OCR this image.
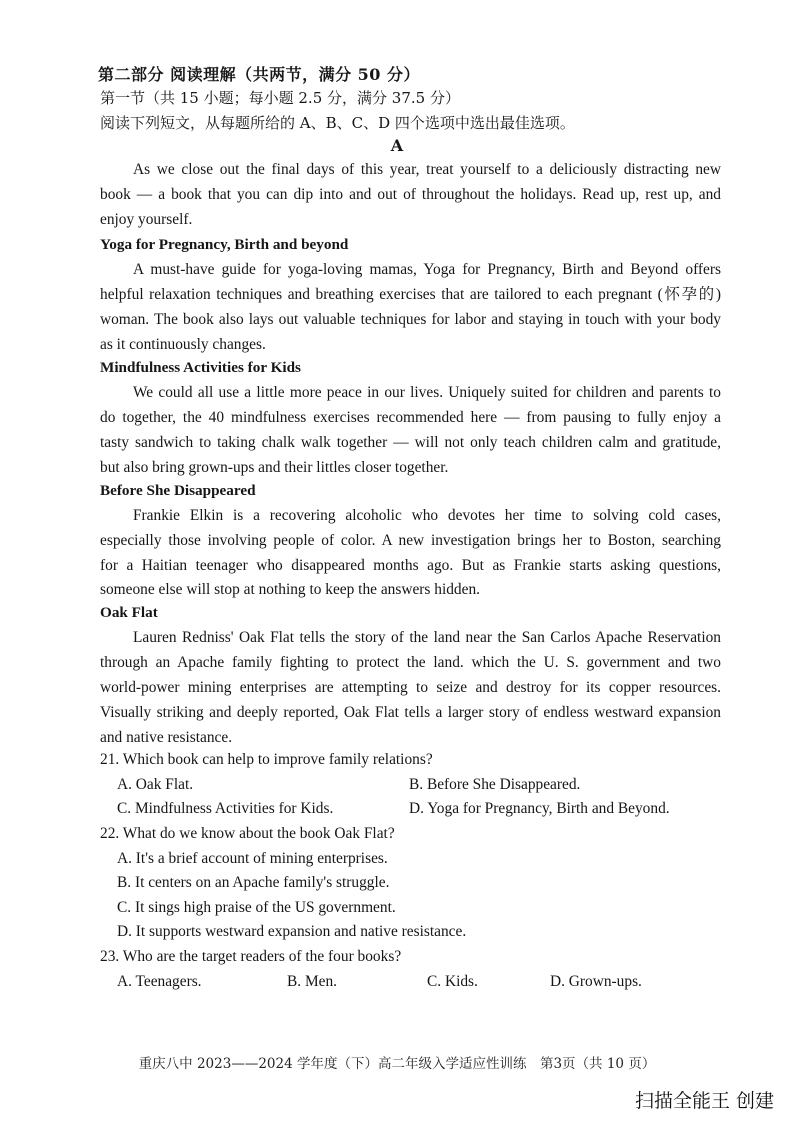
第二部分 阅读理解（共两节，满分 50 分）
第一节（共 15 小题；每小题 2.5 分，满分 37.5 分）
阅读下列短文，从每题所给的 A、B、C、D 四个选项中选出最佳选项。
A
As we close out the final days of this year, treat yourself to a deliciously distracting new
book — a book that you can dip into and out of throughout the holidays. Read up, rest up, and
enjoy yourself.
Yoga for Pregnancy, Birth and beyond
A must-have guide for yoga-loving mamas, Yoga for Pregnancy, Birth and Beyond offers
helpful relaxation techniques and breathing exercises that are tailored to each pregnant (怀孕的)
woman. The book also lays out valuable techniques for labor and staying in touch with your body
as it continuously changes.
Mindfulness Activities for Kids
We could all use a little more peace in our lives. Uniquely suited for children and parents to
do together, the 40 mindfulness exercises recommended here — from pausing to fully enjoy a
tasty sandwich to taking chalk walk together — will not only teach children calm and gratitude,
but also bring grown-ups and their littles closer together.
Before She Disappeared
Frankie Elkin is a recovering alcoholic who devotes her time to solving cold cases,
especially those involving people of color. A new investigation brings her to Boston, searching
for a Haitian teenager who disappeared months ago. But as Frankie starts asking questions,
someone else will stop at nothing to keep the answers hidden.
Oak Flat
Lauren Redniss' Oak Flat tells the story of the land near the San Carlos Apache Reservation
through an Apache family fighting to protect the land. which the U. S. government and two
world-power mining enterprises are attempting to seize and destroy for its copper resources.
Visually striking and deeply reported, Oak Flat tells a larger story of endless westward expansion
and native resistance.
21. Which book can help to improve family relations?
A. Oak Flat.	B. Before She Disappeared.
C. Mindfulness Activities for Kids.	D. Yoga for Pregnancy, Birth and Beyond.
22. What do we know about the book Oak Flat?
A. It's a brief account of mining enterprises.
B. It centers on an Apache family's struggle.
C. It sings high praise of the US government.
D. It supports westward expansion and native resistance.
23. Who are the target readers of the four books?
A. Teenagers.	B. Men.	C. Kids.	D. Grown-ups.
重庆八中 2023——2024 学年度（下）高二年级入学适应性训练　第3页（共 10 页）
扫描全能王 创建
